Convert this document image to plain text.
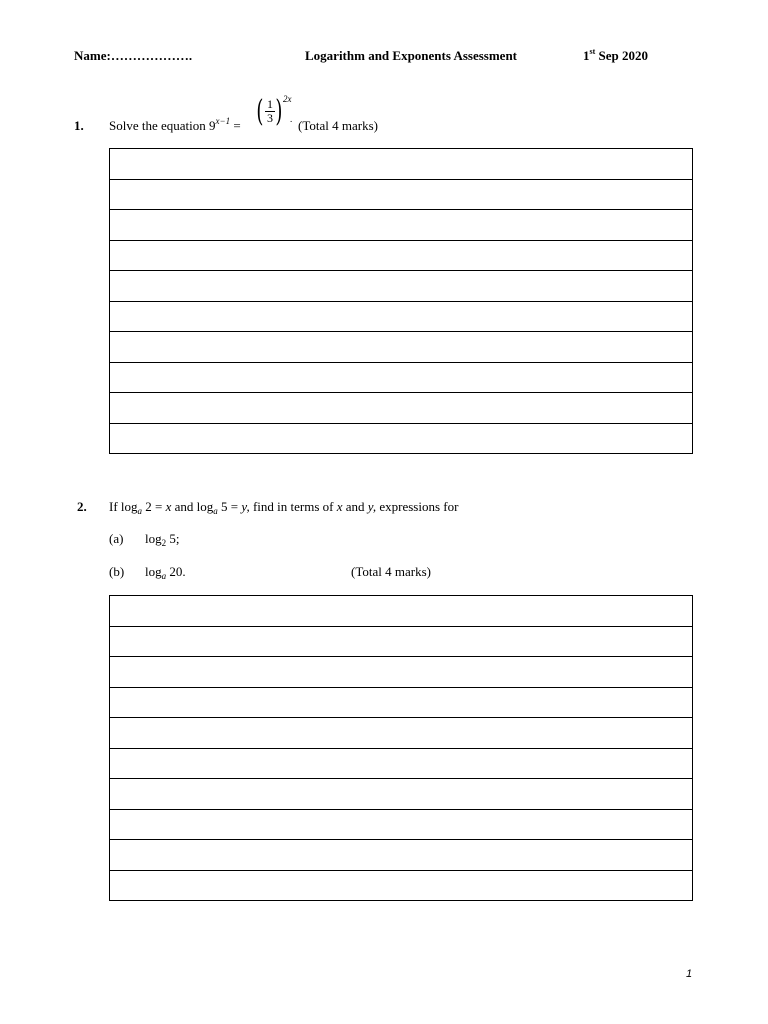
Name:……………….	Logarithm and Exponents Assessment	1st Sep 2020
1. Solve the equation $9^{x-1}$ = ( $\frac{1}{3}$ ) 2x
. (Total 4 marks)
2. If $\log_a 2 = x$ and $\log_a 5 = y$, find in terms of x and y, expressions for
(a) $\log_2 5$;
(b) $\log_a 20$.	(Total 4 marks)
1
